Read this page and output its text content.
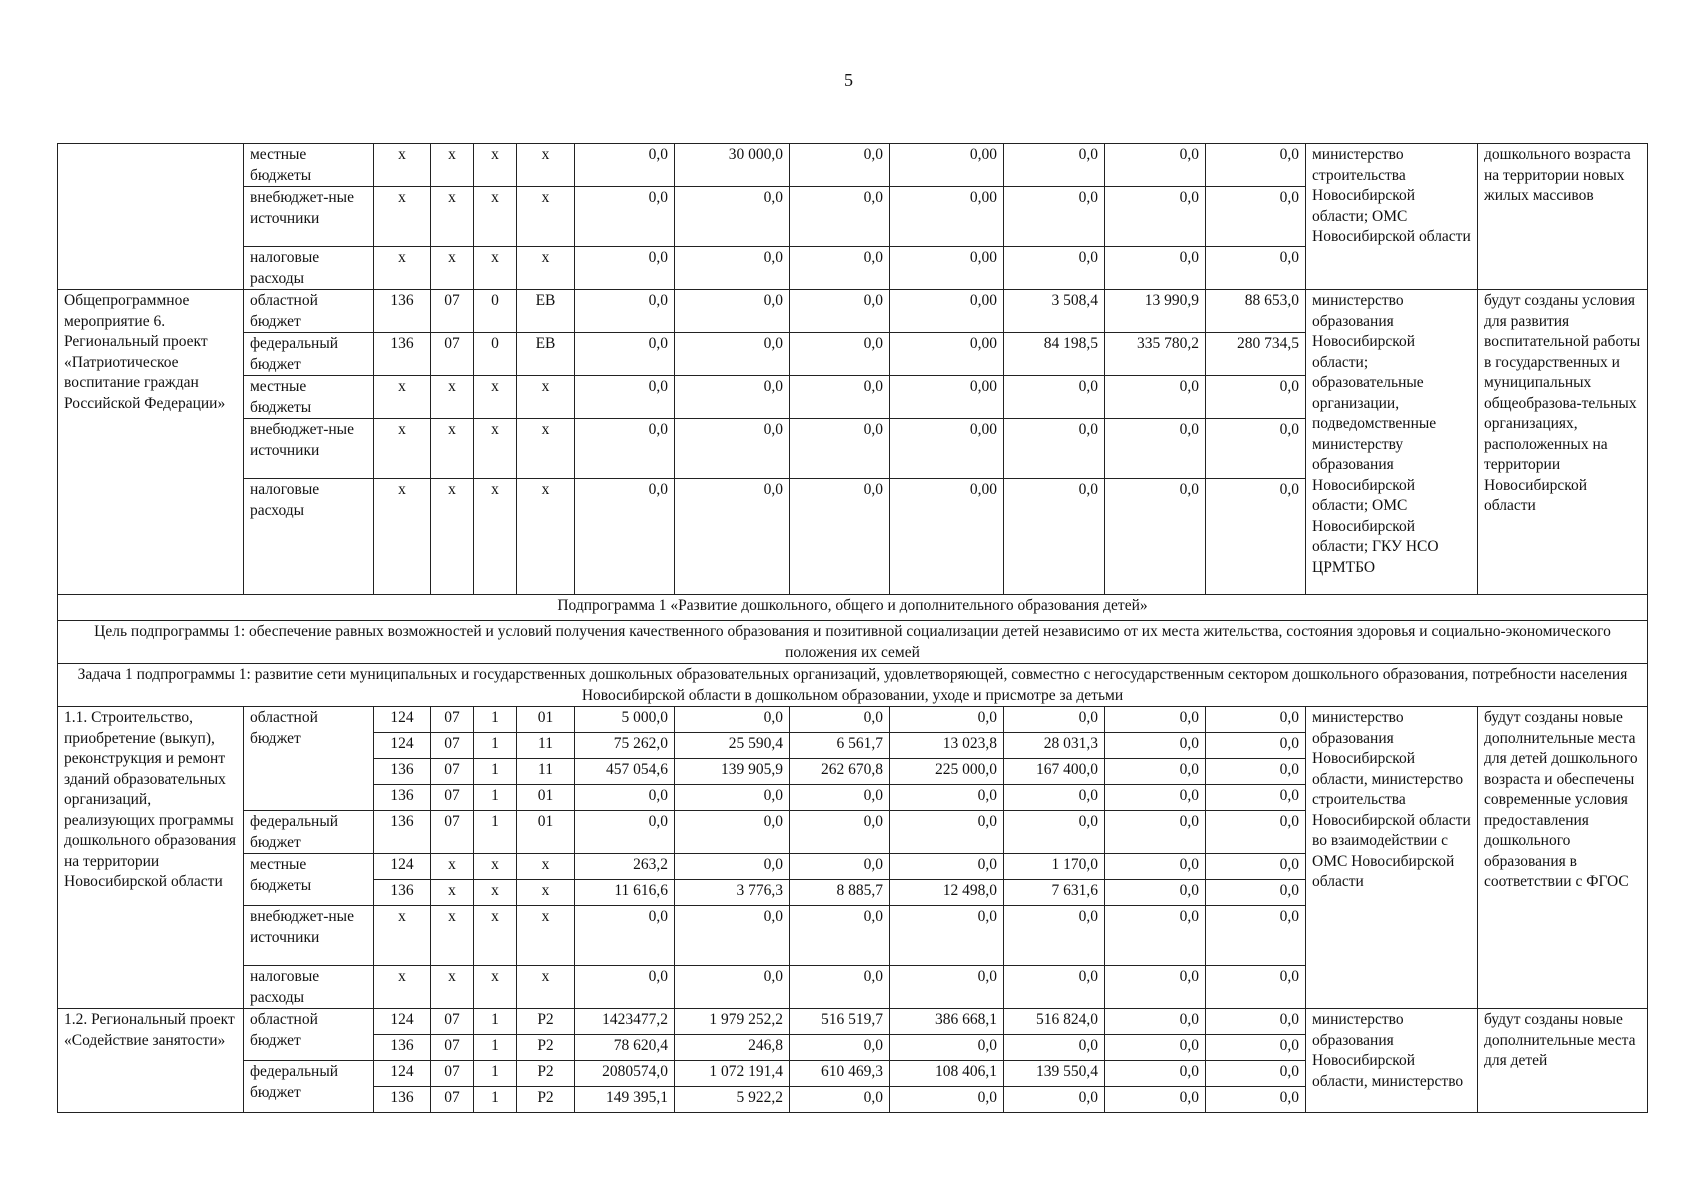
5
	местные бюджеты	х	х	х	х	0,0	30 000,0	0,0	0,00	0,0	0,0	0,0	министерство строительства Новосибирской области; ОМС Новосибирской области	дошкольного возраста на территории новых жилых массивов
	внебюджет-ные источники	х	х	х	х	0,0	0,0	0,0	0,00	0,0	0,0	0,0		
	налоговые расходы	х	х	х	х	0,0	0,0	0,0	0,00	0,0	0,0	0,0		
Общепрограммное мероприятие 6. Региональный проект «Патриотическое воспитание граждан Российской Федерации»	областной бюджет	136	07	0	EB	0,0	0,0	0,0	0,00	3 508,4	13 990,9	88 653,0	министерство образования Новосибирской области; образовательные организации, подведомственные министерству образования Новосибирской области; ОМС Новосибирской области; ГКУ НСО ЦРМТБО	будут созданы условия для развития воспитательной работы в государственных и муниципальных общеобразова-тельных организациях, расположенных на территории Новосибирской области
	федеральный бюджет	136	07	0	EB	0,0	0,0	0,0	0,00	84 198,5	335 780,2	280 734,5		
	местные бюджеты	х	х	х	х	0,0	0,0	0,0	0,00	0,0	0,0	0,0		
	внебюджет-ные источники	х	х	х	х	0,0	0,0	0,0	0,00	0,0	0,0	0,0		
	налоговые расходы	х	х	х	х	0,0	0,0	0,0	0,00	0,0	0,0	0,0		
Подпрограмма 1 «Развитие дошкольного, общего и дополнительного образования детей»														
Цель подпрограммы 1: обеспечение равных возможностей и условий получения качественного образования и позитивной социализации детей независимо от их места жительства, состояния здоровья и социально-экономического положения их семей														
Задача 1 подпрограммы 1: развитие сети муниципальных и государственных дошкольных образовательных организаций, удовлетворяющей, совместно с негосударственным сектором дошкольного образования, потребности населения Новосибирской области в дошкольном образовании, уходе и присмотре за детьми														
1.1. Строительство, приобретение (выкуп), реконструкция и ремонт зданий образовательных организаций, реализующих программы дошкольного образования на территории Новосибирской области	областной бюджет	124	07	1	01	5 000,0	0,0	0,0	0,0	0,0	0,0	0,0	министерство образования Новосибирской области, министерство строительства Новосибирской области во взаимодействии с ОМС Новосибирской области	будут созданы новые дополнительные места для детей дошкольного возраста и обеспечены современные условия предоставления дошкольного образования в соответствии с ФГОС
		124	07	1	11	75 262,0	25 590,4	6 561,7	13 023,8	28 031,3	0,0	0,0		
		136	07	1	11	457 054,6	139 905,9	262 670,8	225 000,0	167 400,0	0,0	0,0		
		136	07	1	01	0,0	0,0	0,0	0,0	0,0	0,0	0,0		
	федеральный бюджет	136	07	1	01	0,0	0,0	0,0	0,0	0,0	0,0	0,0		
	местные бюджеты	124	х	х	х	263,2	0,0	0,0	0,0	1 170,0	0,0	0,0		
		136	х	х	х	11 616,6	3 776,3	8 885,7	12 498,0	7 631,6	0,0	0,0		
	внебюджет-ные источники	х	х	х	х	0,0	0,0	0,0	0,0	0,0	0,0	0,0		
	налоговые расходы	х	х	х	х	0,0	0,0	0,0	0,0	0,0	0,0	0,0		
1.2. Региональный проект «Содействие занятости»	областной бюджет	124	07	1	P2	1423477,2	1 979 252,2	516 519,7	386 668,1	516 824,0	0,0	0,0	министерство образования Новосибирской области, министерство	будут созданы новые дополнительные места для детей
		136	07	1	P2	78 620,4	246,8	0,0	0,0	0,0	0,0	0,0		
	федеральный бюджет	124	07	1	P2	2080574,0	1 072 191,4	610 469,3	108 406,1	139 550,4	0,0	0,0		
		136	07	1	P2	149 395,1	5 922,2	0,0	0,0	0,0	0,0	0,0		
